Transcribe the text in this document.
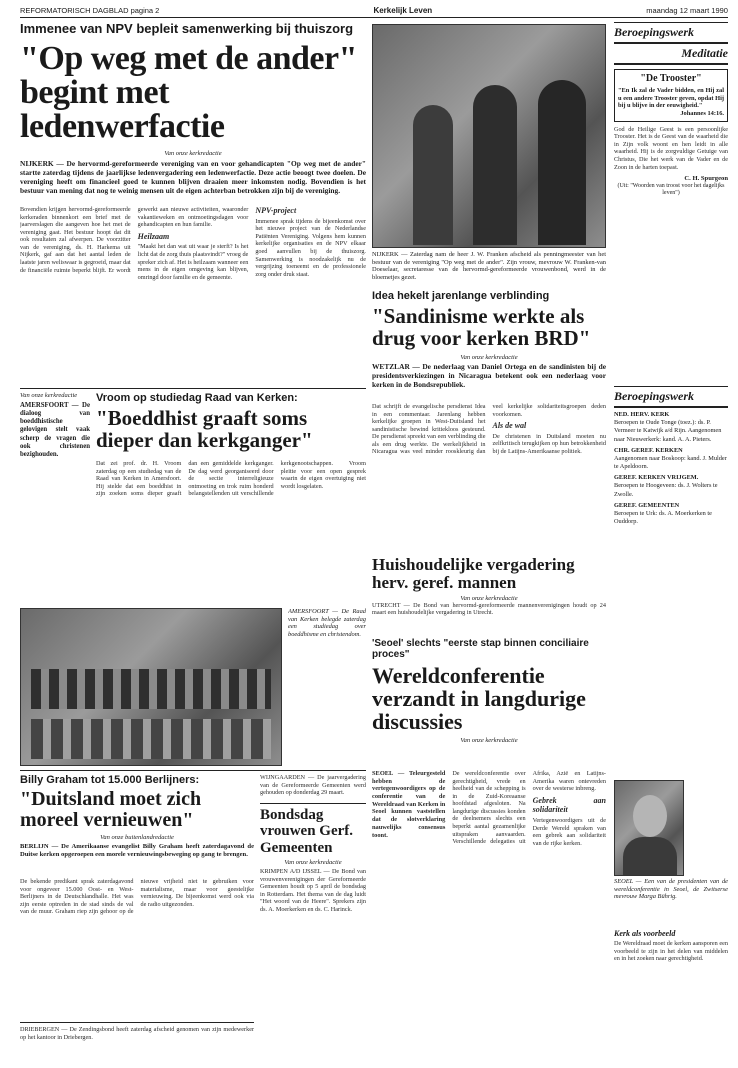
REFORMATORISCH DAGBLAD pagina 2	Kerkelijk Leven	maandag 12 maart 1990
Immenee van NPV bepleit samenwerking bij thuiszorg
"Op weg met de ander" begint met ledenwerfactie
Van onze kerkredactie
NIJKERK — De hervormd-gereformeerde vereniging van en voor gehandicapten "Op weg met de ander" startte zaterdag tijdens de jaarlijkse ledenvergadering een ledenwerfactie. Deze actie beoogt twee doelen. De vereniging heeft om financieel goed te kunnen blijven draaien meer inkomsten nodig. Bovendien is het bestuur van mening dat nog te weinig mensen uit de eigen achterban betrokken zijn bij de vereniging.

Bovendien krijgen hervormd-gereformeerde kerkeraden binnenkort een brief met de jaarverslagen die aangeven hoe het met de vereniging gaat. Het bestuur hoopt dat dit ook resultaten zal afwerpen. De voorzitter van de vereniging, ds. H. Harkema uit Nijkerk, gaf aan dat het aantal leden de laatste jaren weliswaar is gegroeid, maar dat de financiële ruimte beperkt blijft. Er wordt gewerkt aan nieuwe activiteiten, waaronder vakantieweken en ontmoetingsdagen voor gehandicapten en hun familie.

Heilzaam

"Maakt het dan wat uit waar je sterft? Is het licht dat de zorg thuis plaatsvindt?" vroeg de spreker zich af. Het is heilzaam wanneer een mens in de eigen omgeving kan blijven, omringd door familie en de gemeente.

NPV-project

Immenee sprak tijdens de bijeenkomst over het nieuwe project van de Nederlandse Patiënten Vereniging. Volgens hem kunnen kerkelijke organisaties en de NPV elkaar goed aanvullen bij de thuiszorg. Samenwerking is noodzakelijk nu de vergrijzing toeneemt en de professionele zorg onder druk staat.

NIJKERK — Zaterdag nam de heer J. W. Franken afscheid als penningmeester van het bestuur van de vereniging "Op weg met de ander". Zijn vrouw, mevrouw W. Franken-van Doeselaar, secretaresse van de hervormd-gereformeerde vrouwenbond, werd in de bloemetjes gezet.
Idea hekelt jarenlange verblinding
"Sandinisme werkte als drug voor kerken BRD"
Van onze kerkredactie
WETZLAR — De nederlaag van Daniel Ortega en de sandinisten bij de presidentsverkiezingen in Nicaragua betekent ook een nederlaag voor kerken in de Bondsrepubliek.

Dat schrijft de evangelische persdienst Idea in een commentaar. Jarenlang hebben kerkelijke groepen in West-Duitsland het sandinistische bewind kritiekloos gesteund. De persdienst spreekt van een verblinding die als een drug werkte. De werkelijkheid in Nicaragua was veel minder rooskleurig dan veel kerkelijke solidariteitsgroepen deden voorkomen.

Als de wal

De christenen in Duitsland moeten nu zelfkritisch terugkijken op hun betrokkenheid bij de Latijns-Amerikaanse politiek.

Van onze kerkredactie
AMERSFOORT — De dialoog van boeddhistische gelovigen stelt vaak scherp de vragen die ook christenen bezighouden.
Vroom op studiedag Raad van Kerken:
"Boeddhist graaft soms dieper dan kerkganger"

Dat zei prof. dr. H. Vroom zaterdag op een studiedag van de Raad van Kerken in Amersfoort. Hij stelde dat een boeddhist in zijn zoeken soms dieper graaft dan een gemiddelde kerkganger. De dag werd georganiseerd door de sectie interreligieuze ontmoeting en trok ruim honderd belangstellenden uit verschillende kerkgenootschappen. Vroom pleitte voor een open gesprek waarin de eigen overtuiging niet wordt losgelaten.

AMERSFOORT — De Raad van Kerken belegde zaterdag een studiedag over boeddhisme en christendom.
Huishoudelijke vergadering herv. geref. mannen
Van onze kerkredactie
UTRECHT — De Bond van hervormd-gereformeerde mannenverenigingen houdt op 24 maart een huishoudelijke vergadering in Utrecht.
'Seoel' slechts "eerste stap binnen conciliaire proces"
Wereldconferentie verzandt in langdurige discussies
Van onze kerkredactie

SEOEL — Teleurgesteld hebben de vertegenwoordigers op de conferentie van de Wereldraad van Kerken in Seoel kunnen vaststellen dat de slotverklaring nauwelijks consensus toont.

De wereldconferentie over gerechtigheid, vrede en heelheid van de schepping is in de Zuid-Koreaanse hoofdstad afgesloten. Na langdurige discussies konden de deelnemers slechts een beperkt aantal gezamenlijke uitspraken aanvaarden. Verschillende delegaties uit Afrika, Azië en Latijns-Amerika waren ontevreden over de westerse inbreng.

Gebrek aan solidariteit

Vertegenwoordigers uit de Derde Wereld spraken van een gebrek aan solidariteit van de rijke kerken.

Billy Graham tot 15.000 Berlijners:
"Duitsland moet zich moreel vernieuwen"
Van onze buitenlandredactie
BERLIJN — De Amerikaanse evangelist Billy Graham heeft zaterdagavond de Duitse kerken opgeroepen een morele vernieuwingsbeweging op gang te brengen.

De bekende predikant sprak zaterdagavond voor ongeveer 15.000 Oost- en West-Berlijners in de Deutschlandhalle. Het was zijn eerste optreden in de stad sinds de val van de muur. Graham riep zijn gehoor op de nieuwe vrijheid niet te gebruiken voor materialisme, maar voor geestelijke vernieuwing. De bijeenkomst werd ook via de radio uitgezonden.

DRIEBERGEN — De Zendingsbond heeft zaterdag afscheid genomen van zijn medewerker op het kantoor in Driebergen.
WIJNGAARDEN — De jaarvergadering van de Gereformeerde Gemeenten werd gehouden op donderdag 29 maart.
Bondsdag vrouwen Gerf. Gemeenten
Van onze kerkredactie
KRIMPEN A/D IJSSEL — De Bond van vrouwenverenigingen der Gereformeerde Gemeenten houdt op 5 april de bondsdag in Rotterdam. Het thema van de dag luidt "Het woord van de Heere". Sprekers zijn ds. A. Moerkerken en ds. C. Harinck.
Beroepingswerk
Meditatie
"De Trooster"
"En Ik zal de Vader bidden, en Hij zal u een andere Trooster geven, opdat Hij bij u blijve in der eeuwigheid."
Johannes 14:16.
God de Heilige Geest is een persoonlijke Trooster. Het is de Geest van de waarheid die in Zijn volk woont en hen leidt in alle waarheid. Hij is de zorgvuldige Getuige van Christus, Die het werk van de Vader en de Zoon in de harten toepast.
C. H. Spurgeon
(Uit: "Woorden van troost voor het dagelijks leven")
Beroepingswerk
NED. HERV. KERK
Beroepen te Oude Tonge (toez.): ds. P. Vermeer te Katwijk a/d Rijn. Aangenomen naar Nieuwerkerk: kand. A. A. Pieters.
CHR. GEREF. KERKEN
Aangenomen naar Boskoop: kand. J. Mulder te Apeldoorn.
GEREF. KERKEN VRIJGEM.
Beroepen te Hoogeveen: ds. J. Wolters te Zwolle.
GEREF. GEMEENTEN
Beroepen te Urk: ds. A. Moerkerken te Ouddorp.
SEOEL — Een van de presidenten van de wereldconferentie in Seoel, de Zwitserse mevrouw Marga Bührig.
Kerk als voorbeeld
De Wereldraad moet de kerken aansporen een voorbeeld te zijn in het delen van middelen en in het zoeken naar gerechtigheid.
